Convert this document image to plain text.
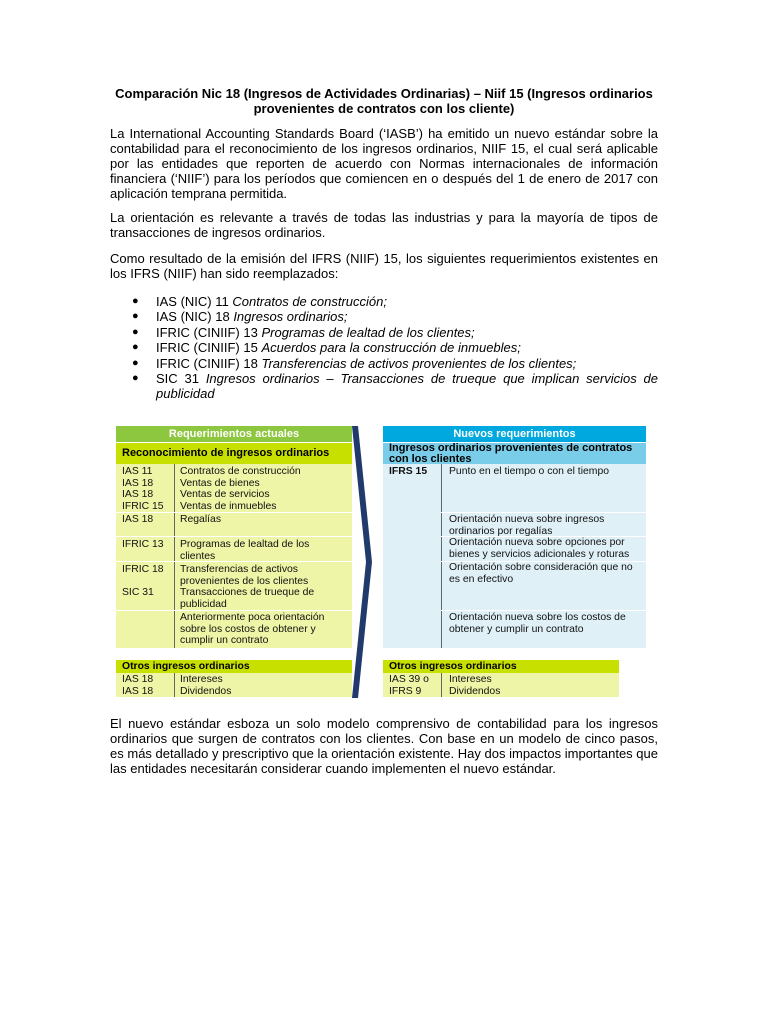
Comparación Nic 18 (Ingresos de Actividades Ordinarias) – Niif 15 (Ingresos ordinarios provenientes de contratos con los cliente)

La International Accounting Standards Board (‘IASB’) ha emitido un nuevo estándar sobre la contabilidad para el reconocimiento de los ingresos ordinarios, NIIF 15, el cual será aplicable por las entidades que reporten de acuerdo con Normas internacionales de información financiera (‘NIIF’) para los períodos que comiencen en o después del 1 de enero de 2017 con aplicación temprana permitida.

La orientación es relevante a través de todas las industrias y para la mayoría de tipos de transacciones de ingresos ordinarios.

Como resultado de la emisión del IFRS (NIIF) 15, los siguientes requerimientos existentes en los IFRS (NIIF) han sido reemplazados:

● IAS (NIC) 11 Contratos de construcción;
● IAS (NIC) 18 Ingresos ordinarios;
● IFRIC (CINIIF) 13 Programas de lealtad de los clientes;
● IFRIC (CINIIF) 15 Acuerdos para la construcción de inmuebles;
● IFRIC (CINIIF) 18 Transferencias de activos provenientes de los clientes;
● SIC 31 Ingresos ordinarios – Transacciones de trueque que implican servicios de publicidad
Requerimientos actuales
Reconocimiento de ingresos ordinarios
Nuevos requerimientos
Ingresos ordinarios provenientes de contratos con los clientes
IAS 11
IAS 18
IAS 18
IFRIC 15
Contratos de construcción
Ventas de bienes
Ventas de servicios
Ventas de inmuebles
IAS 18	Regalías
IFRIC 13 Programas de lealtad de los
clientes
IFRIC 18 Transferencias de activos
provenientes de los clientes
SIC 31	Transacciones de trueque de
publicidad
Anteriormente poca orientación
sobre los costos de obtener y
cumplir un contrato
IFRS 15 Punto en el tiempo o con el tiempo
Orientación nueva sobre ingresos
ordinarios por regalías
Orientación nueva sobre opciones por
bienes y servicios adicionales y roturas
Orientación sobre consideración que no
es en efectivo
Orientación nueva sobre los costos de
obtener y cumplir un contrato
Otros ingresos ordinarios
IAS 18
IAS 18
Intereses
Dividendos
Otros ingresos ordinarios
IAS 39 o
IFRS 9
Intereses
Dividendos

El nuevo estándar esboza un solo modelo comprensivo de contabilidad para los ingresos ordinarios que surgen de contratos con los clientes. Con base en un modelo de cinco pasos, es más detallado y prescriptivo que la orientación existente. Hay dos impactos importantes que las entidades necesitarán considerar cuando implementen el nuevo estándar.
